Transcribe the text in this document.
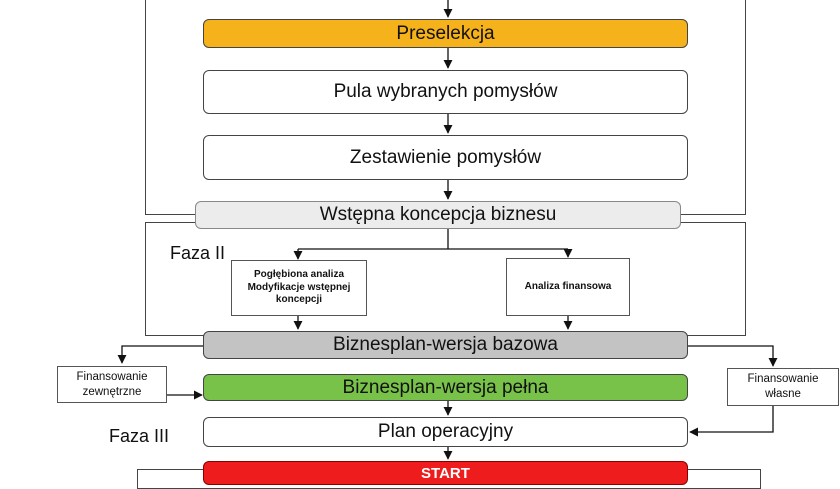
Faza II
Faza III
Preselekcja
Pula wybranych pomysłów
Zestawienie pomysłów
Wstępna koncepcja biznesu
Pogłębiona analiza Modyfikacje wstępnej koncepcji
Analiza finansowa
Biznesplan-wersja bazowa
Finansowanie zewnętrzne	Biznesplan-wersja pełna	Finansowanie własne
Plan operacyjny
START
